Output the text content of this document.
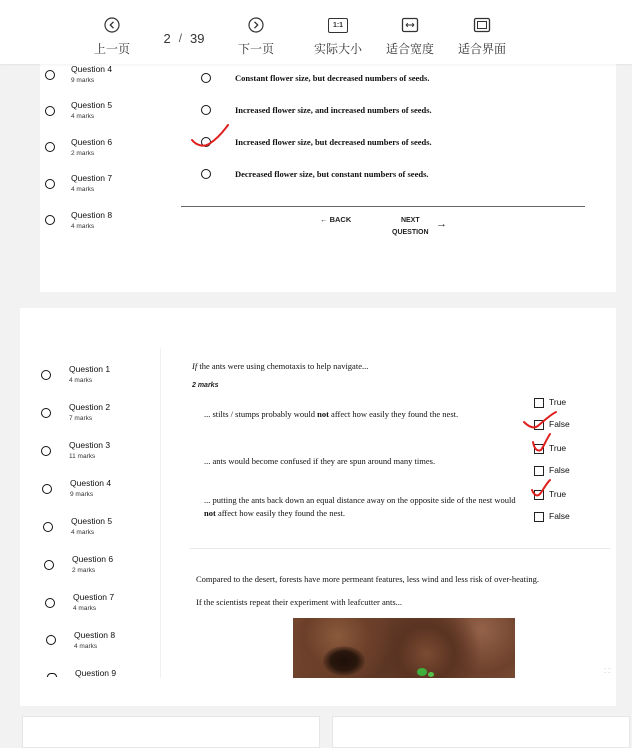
上一页
2 / 39
下一页
1:1
实际大小 适合宽度 适合界面
Question 4
9 marks
Question 5
4 marks
Question 6
2 marks
Question 7
4 marks
Question 8
4 marks
Constant flower size, but decreased numbers of seeds.
Increased flower size, and increased numbers of seeds.
Increased flower size, but decreased numbers of seeds.
Decreased flower size, but constant numbers of seeds.
← BACK	NEXT
QUESTION
→
Question 1
4 marks
Question 2
7 marks
Question 3
11 marks
Question 4
9 marks
Question 5
4 marks
Question 6
2 marks
Question 7
4 marks
Question 8
4 marks
Question 9
If the ants were using chemotaxis to help navigate...
2 marks
... stilts / stumps probably would not affect how easily they found the nest.
... ants would become confused if they are spun around many times.
... putting the ants back down an equal distance away on the opposite side of the nest would not affect how easily they found the nest.
True
False
True
False
True
False
Compared to the desert, forests have more permeant features, less wind and less risk of over-heating.
If the scientists repeat their experiment with leafcutter ants...
∷
